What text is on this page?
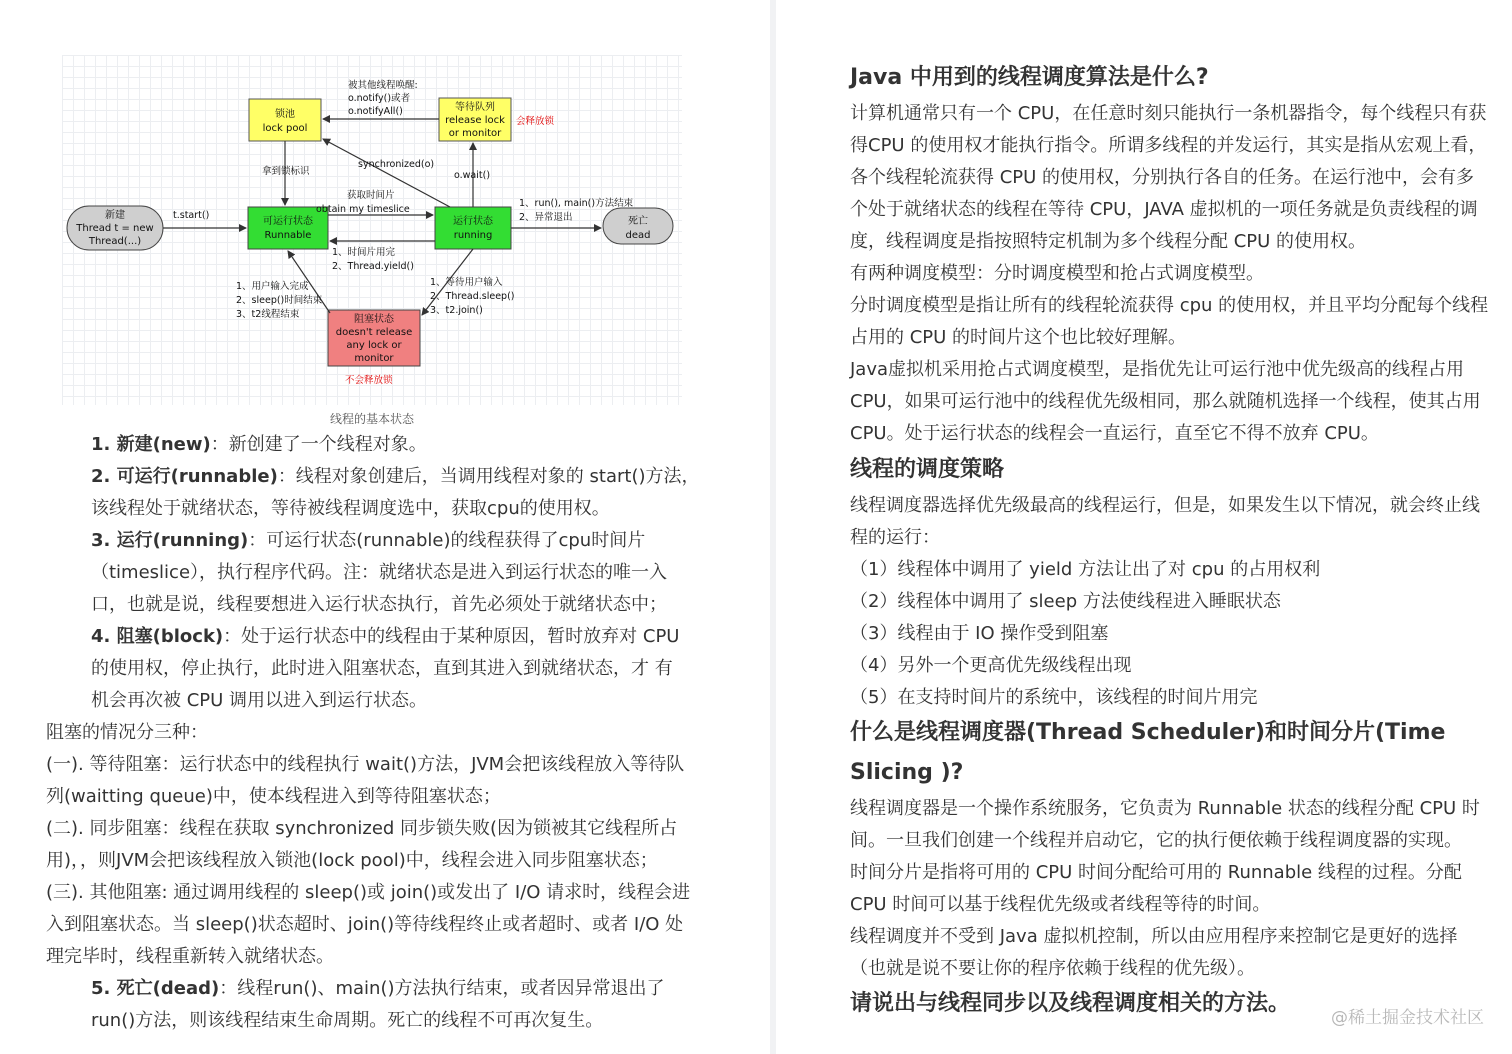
锁池
lock pool
等待队列
release lock
or monitor
新建
Thread t = new
Thread(...)
可运行状态
Runnable
运行状态
running
死亡
dead
阻塞状态
doesn't release
any lock or
monitor
被其他线程唤醒:
o.notify()或者
o.notifyAll()
会释放锁
拿到锁标识
synchronized(o)
o.wait()
获取时间片
obtain my timeslice
t.start()
1、run(), main()方法结束
2、异常退出
1、时间片用完
2、Thread.yield()
1、用户输入完成
2、sleep()时间结束
3、t2线程结束
1、等待用户输入
2、Thread.sleep()
3、t2.join()
不会释放锁
线程的基本状态
1. 新建(new)：新创建了一个线程对象。
2. 可运行(runnable)：线程对象创建后，当调用线程对象的 start()方法，
该线程处于就绪状态，等待被线程调度选中，获取cpu的使用权。
3. 运行(running)：可运行状态(runnable)的线程获得了cpu时间片
（timeslice），执行程序代码。注：就绪状态是进入到运行状态的唯一入
口，也就是说，线程要想进入运行状态执行，首先必须处于就绪状态中；
4. 阻塞(block)：处于运行状态中的线程由于某种原因，暂时放弃对 CPU
的使用权，停止执行，此时进入阻塞状态，直到其进入到就绪状态，才 有
机会再次被 CPU 调用以进入到运行状态。
阻塞的情况分三种：
(一). 等待阻塞：运行状态中的线程执行 wait()方法，JVM会把该线程放入等待队
列(waitting queue)中，使本线程进入到等待阻塞状态；
(二). 同步阻塞：线程在获取 synchronized 同步锁失败(因为锁被其它线程所占
用)，，则JVM会把该线程放入锁池(lock pool)中，线程会进入同步阻塞状态；
(三). 其他阻塞: 通过调用线程的 sleep()或 join()或发出了 I/O 请求时，线程会进
入到阻塞状态。当 sleep()状态超时、join()等待线程终止或者超时、或者 I/O 处
理完毕时，线程重新转入就绪状态。
5. 死亡(dead)：线程run()、main()方法执行结束，或者因异常退出了
run()方法，则该线程结束生命周期。死亡的线程不可再次复生。
Java 中用到的线程调度算法是什么?
计算机通常只有一个 CPU，在任意时刻只能执行一条机器指令，每个线程只有获
得CPU 的使用权才能执行指令。所谓多线程的并发运行，其实是指从宏观上看，
各个线程轮流获得 CPU 的使用权，分别执行各自的任务。在运行池中，会有多
个处于就绪状态的线程在等待 CPU，JAVA 虚拟机的一项任务就是负责线程的调
度，线程调度是指按照特定机制为多个线程分配 CPU 的使用权。
有两种调度模型：分时调度模型和抢占式调度模型。
分时调度模型是指让所有的线程轮流获得 cpu 的使用权，并且平均分配每个线程
占用的 CPU 的时间片这个也比较好理解。
Java虚拟机采用抢占式调度模型，是指优先让可运行池中优先级高的线程占用
CPU，如果可运行池中的线程优先级相同，那么就随机选择一个线程，使其占用
CPU。处于运行状态的线程会一直运行，直至它不得不放弃 CPU。
线程的调度策略
线程调度器选择优先级最高的线程运行，但是，如果发生以下情况，就会终止线
程的运行：
（1）线程体中调用了 yield 方法让出了对 cpu 的占用权利
（2）线程体中调用了 sleep 方法使线程进入睡眠状态
（3）线程由于 IO 操作受到阻塞
（4）另外一个更高优先级线程出现
（5）在支持时间片的系统中，该线程的时间片用完
什么是线程调度器(Thread Scheduler)和时间分片(Time
Slicing )?
线程调度器是一个操作系统服务，它负责为 Runnable 状态的线程分配 CPU 时
间。一旦我们创建一个线程并启动它，它的执行便依赖于线程调度器的实现。
时间分片是指将可用的 CPU 时间分配给可用的 Runnable 线程的过程。分配
CPU 时间可以基于线程优先级或者线程等待的时间。
线程调度并不受到 Java 虚拟机控制，所以由应用程序来控制它是更好的选择
（也就是说不要让你的程序依赖于线程的优先级）。
请说出与线程同步以及线程调度相关的方法。
@稀土掘金技术社区
